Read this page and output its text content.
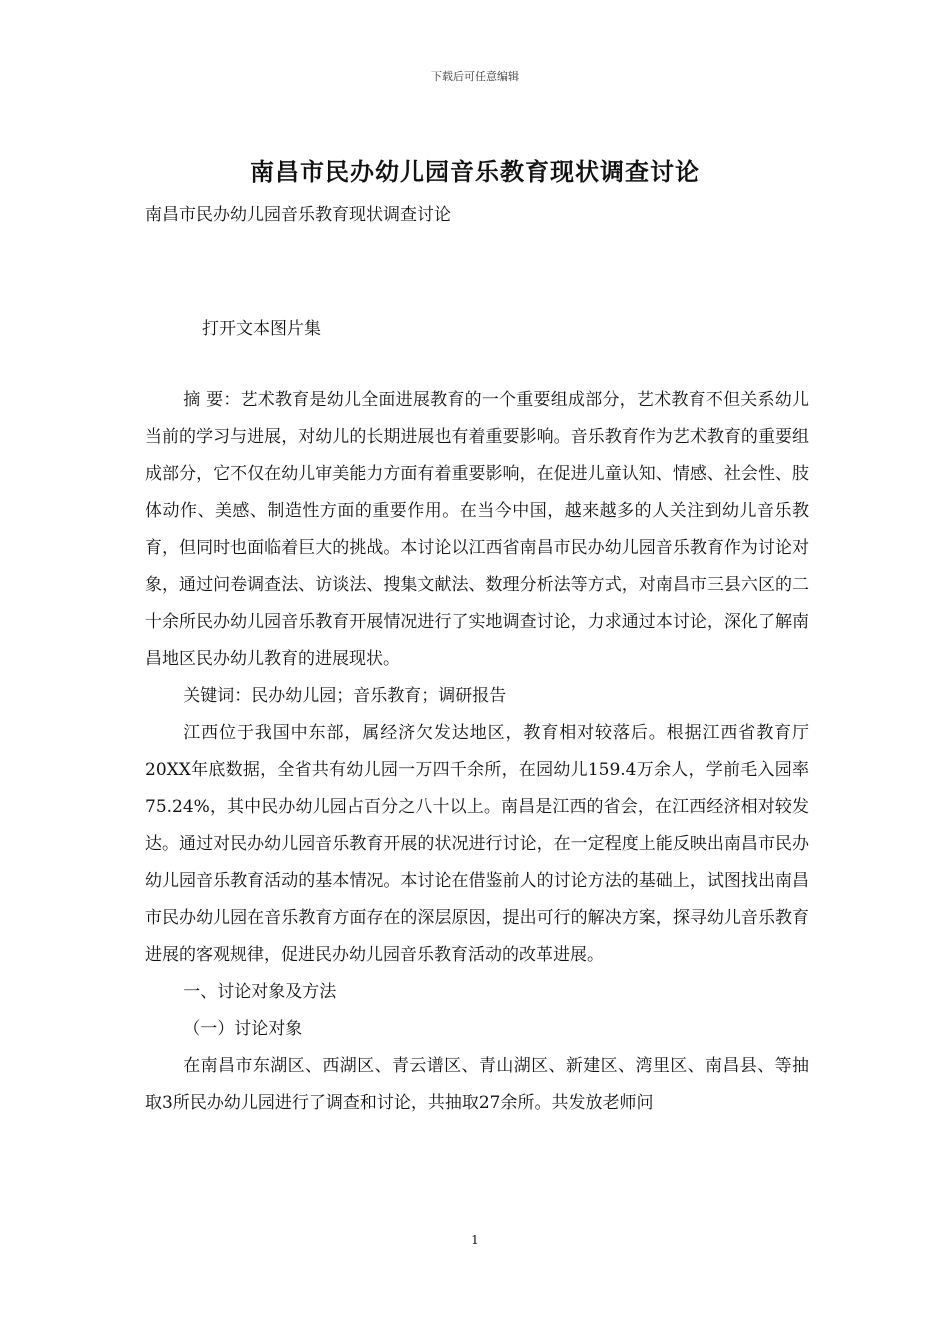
下载后可任意编辑
南昌市民办幼儿园音乐教育现状调查讨论
南昌市民办幼儿园音乐教育现状调查讨论
打开文本图片集

摘 要：艺术教育是幼儿全面进展教育的一个重要组成部分，艺术教育不但关系幼儿当前的学习与进展，对幼儿的长期进展也有着重要影响。音乐教育作为艺术教育的重要组成部分，它不仅在幼儿审美能力方面有着重要影响，在促进儿童认知、情感、社会性、肢体动作、美感、制造性方面的重要作用。在当今中国，越来越多的人关注到幼儿音乐教育，但同时也面临着巨大的挑战。本讨论以江西省南昌市民办幼儿园音乐教育作为讨论对象，通过问卷调查法、访谈法、搜集文献法、数理分析法等方式，对南昌市三县六区的二十余所民办幼儿园音乐教育开展情况进行了实地调查讨论，力求通过本讨论，深化了解南昌地区民办幼儿教育的进展现状。

关键词：民办幼儿园；音乐教育；调研报告

江西位于我国中东部，属经济欠发达地区，教育相对较落后。根据江西省教育厅20XX年底数据，全省共有幼儿园一万四千余所，在园幼儿159.4万余人，学前毛入园率75.24%，其中民办幼儿园占百分之八十以上。南昌是江西的省会，在江西经济相对较发达。通过对民办幼儿园音乐教育开展的状况进行讨论，在一定程度上能反映出南昌市民办幼儿园音乐教育活动的基本情况。本讨论在借鉴前人的讨论方法的基础上，试图找出南昌市民办幼儿园在音乐教育方面存在的深层原因，提出可行的解决方案，探寻幼儿音乐教育进展的客观规律，促进民办幼儿园音乐教育活动的改革进展。

一、讨论对象及方法

（一）讨论对象

在南昌市东湖区、西湖区、青云谱区、青山湖区、新建区、湾里区、南昌县、等抽取3所民办幼儿园进行了调查和讨论，共抽取27余所。共发放老师问

1
